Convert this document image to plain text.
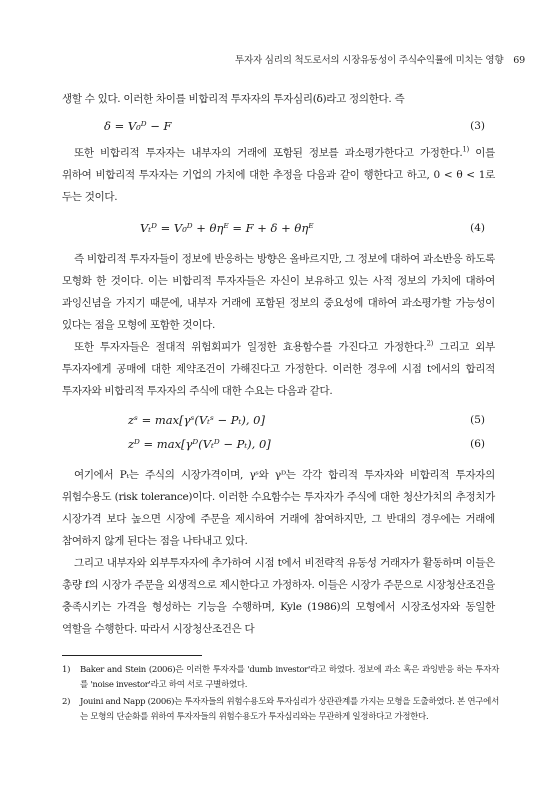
투자자 심리의 척도로서의 시장유동성이 주식수익률에 미치는 영향 69

생할 수 있다. 이러한 차이를 비합리적 투자자의 투자심리(δ)라고 정의한다. 즉

δ = V₀ᴰ − F	(3)

또한 비합리적 투자자는 내부자의 거래에 포함된 정보를 과소평가한다고 가정한다.$^{1)}$ 이를 위하여 비합리적 투자자는 기업의 가치에 대한 추정을 다음과 같이 행한다고 하고, 0 < θ < 1로 두는 것이다.

Vₜᴰ = V₀ᴰ + θηᴱ = F + δ + θηᴱ	(4)

즉 비합리적 투자자들이 정보에 반응하는 방향은 올바르지만, 그 정보에 대하여 과소반응 하도록 모형화 한 것이다. 이는 비합리적 투자자들은 자신이 보유하고 있는 사적 정보의 가치에 대하여 과잉신념을 가지기 때문에, 내부자 거래에 포함된 정보의 중요성에 대하여 과소평가할 가능성이 있다는 점을 모형에 포함한 것이다.

또한 투자자들은 절대적 위험회피가 일정한 효용함수를 가진다고 가정한다.$^{2)}$ 그리고 외부 투자자에게 공매에 대한 제약조건이 가해진다고 가정한다. 이러한 경우에 시점 t에서의 합리적 투자자와 비합리적 투자자의 주식에 대한 수요는 다음과 같다.

zˢ = max[γˢ(Vₜˢ − Pₜ), 0]	(5)
zᴰ = max[γᴰ(Vₜᴰ − Pₜ), 0]	(6)

여기에서 Pₜ는 주식의 시장가격이며, γˢ와 γᴰ는 각각 합리적 투자자와 비합리적 투자자의 위험수용도 (risk tolerance)이다. 이러한 수요함수는 투자자가 주식에 대한 청산가치의 추정치가 시장가격 보다 높으면 시장에 주문을 제시하여 거래에 참여하지만, 그 반대의 경우에는 거래에 참여하지 않게 된다는 점을 나타내고 있다.

그리고 내부자와 외부투자자에 추가하여 시점 t에서 비전략적 유동성 거래자가 활동하며 이들은 총량 f의 시장가 주문을 외생적으로 제시한다고 가정하자. 이들은 시장가 주문으로 시장청산조건을 충족시키는 가격을 형성하는 기능을 수행하며, Kyle (1986)의 모형에서 시장조성자와 동일한 역할을 수행한다. 따라서 시장청산조건은 다

1)	Baker and Stein (2006)은 이러한 투자자를 'dumb investor'라고 하였다. 정보에 과소 혹은 과잉반응 하는 투자자를 'noise investor'라고 하여 서로 구별하였다.
2)	Jouini and Napp (2006)는 투자자들의 위험수용도와 투자심리가 상관관계를 가지는 모형을 도출하였다. 본 연구에서는 모형의 단순화를 위하여 투자자들의 위험수용도가 투자심리와는 무관하게 일정하다고 가정한다.
